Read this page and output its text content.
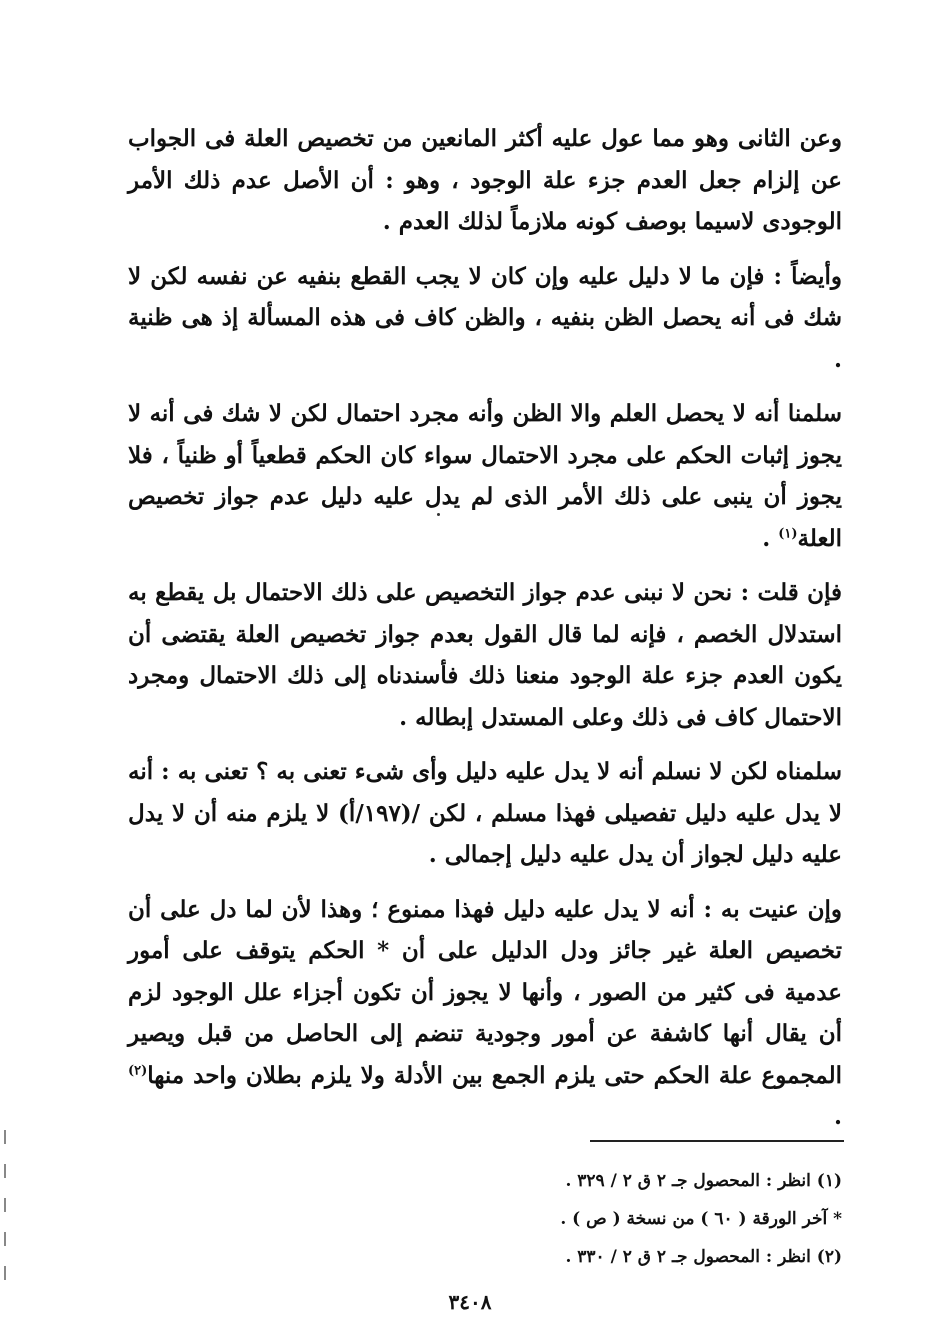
وعن الثانى وهو مما عول عليه أكثر المانعين من تخصيص العلة فى الجواب عن إلزام جعل العدم جزء علة الوجود ، وهو : أن الأصل عدم ذلك الأمر الوجودى لاسيما بوصف كونه ملازماً لذلك العدم .

وأيضاً : فإن ما لا دليل عليه وإن كان لا يجب القطع بنفيه عن نفسه لكن لا شك فى أنه يحصل الظن بنفيه ، والظن كاف فى هذه المسألة إذ هى ظنية .

سلمنا أنه لا يحصل العلم والا الظن وأنه مجرد احتمال لكن لا شك فى أنه لا يجوز إثبات الحكم على مجرد الاحتمال سواء كان الحكم قطعياً أو ظنياً ، فلا يجوز أن ينبى على ذلك الأمر الذى لم يدل عليه دليل عدم جواز تخصيص العلة$^{(١)}$ .

فإن قلت : نحن لا نبنى عدم جواز التخصيص على ذلك الاحتمال بل يقطع به استدلال الخصم ، فإنه لما قال القول بعدم جواز تخصيص العلة يقتضى أن يكون العدم جزء علة الوجود منعنا ذلك فأسندناه إلى ذلك الاحتمال ومجرد الاحتمال كاف فى ذلك وعلى المستدل إبطاله .

سلمناه لكن لا نسلم أنه لا يدل عليه دليل وأى شىء تعنى به ؟ تعنى به : أنه لا يدل عليه دليل تفصيلى فهذا مسلم ، لكن /(١٩٧/أ) لا يلزم منه أن لا يدل عليه دليل لجواز أن يدل عليه دليل إجمالى .

وإن عنيت به : أنه لا يدل عليه دليل فهذا ممنوع ؛ وهذا لأن لما دل على أن تخصيص العلة غير جائز ودل الدليل على أن * الحكم يتوقف على أمور عدمية فى كثير من الصور ، وأنها لا يجوز أن تكون أجزاء علل الوجود لزم أن يقال أنها كاشفة عن أمور وجودية تنضم إلى الحاصل من قبل ويصير المجموع علة الحكم حتى يلزم الجمع بين الأدلة ولا يلزم بطلان واحد منها$^{(٢)}$ .

(١) انظر : المحصول جـ ٢ ق ٢ / ٣٢٩ .

* آخر الورقة ( ٦٠ ) من نسخة ( ص ) .

(٢) انظر : المحصول جـ ٢ ق ٢ / ٣٣٠ .

٣٤٠٨
